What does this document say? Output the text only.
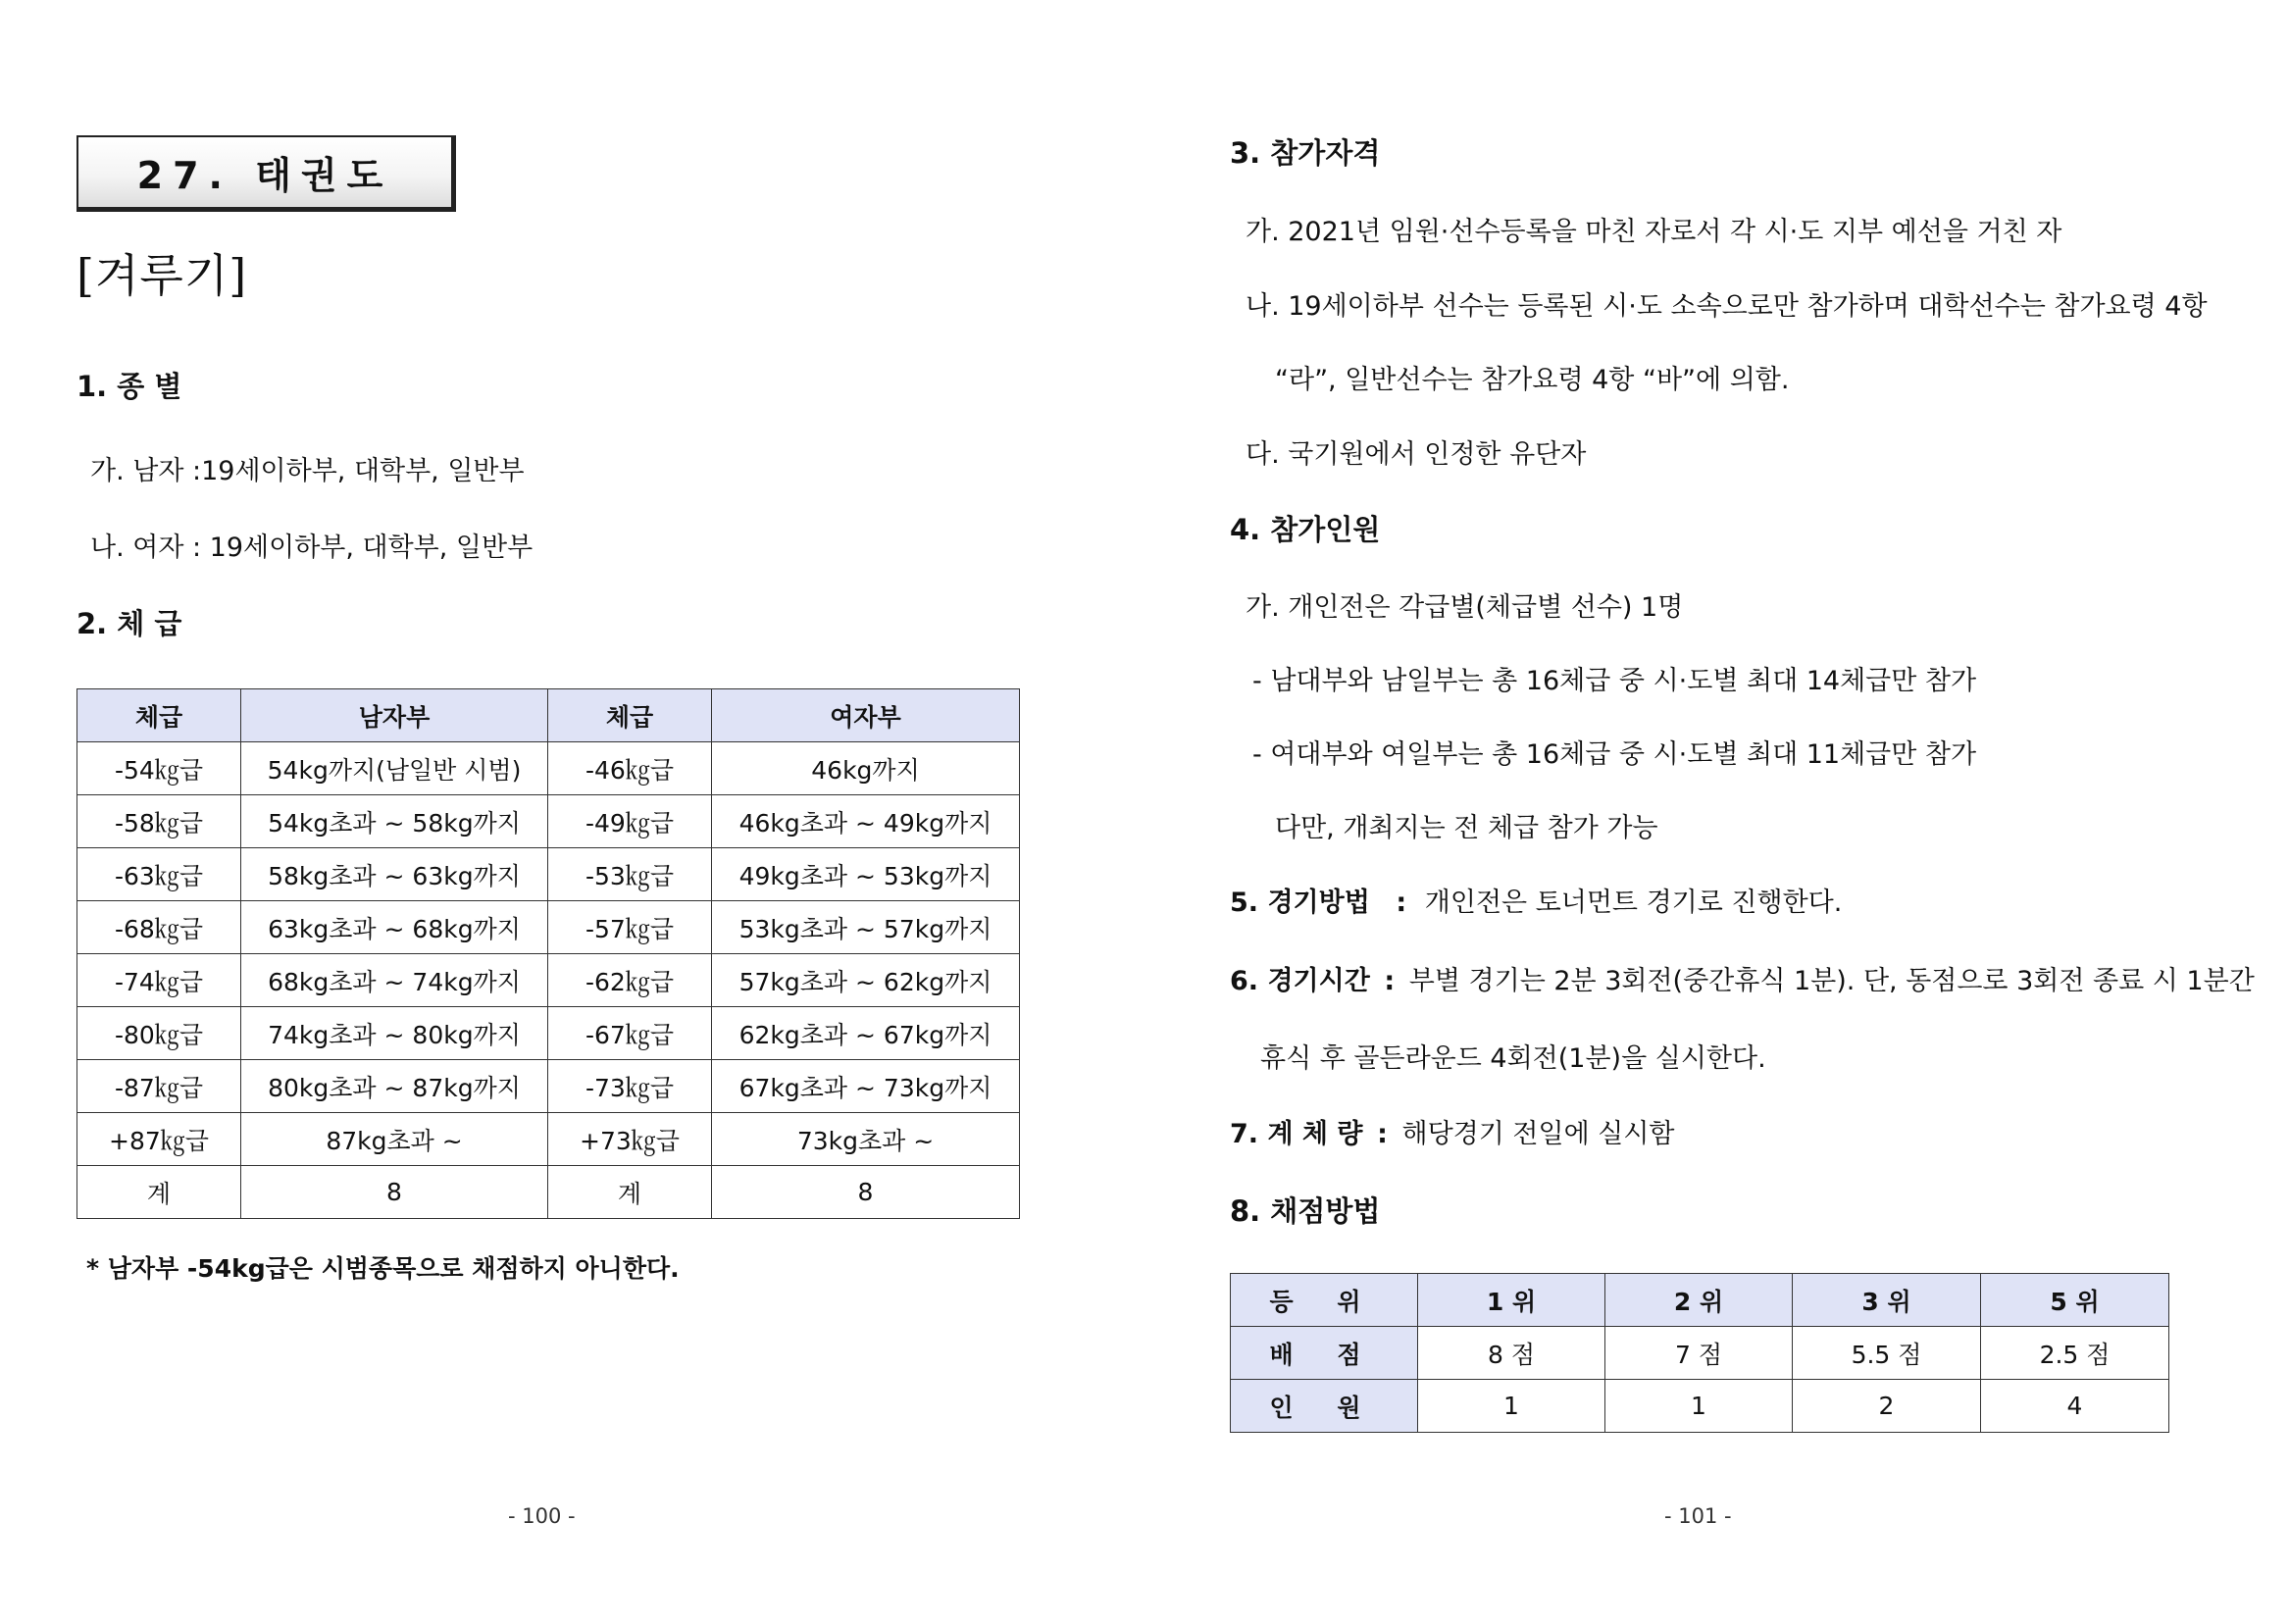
27. 태권도
[겨루기]
1. 종 별
가. 남자 :19세이하부, 대학부, 일반부
나. 여자 : 19세이하부, 대학부, 일반부
2. 체 급
체급	남자부	체급	여자부
-54㎏급	54kg까지(남일반 시범)	-46㎏급	46kg까지
-58㎏급	54kg초과 ~ 58kg까지	-49㎏급	46kg초과 ~ 49kg까지
-63㎏급	58kg초과 ~ 63kg까지	-53㎏급	49kg초과 ~ 53kg까지
-68㎏급	63kg초과 ~ 68kg까지	-57㎏급	53kg초과 ~ 57kg까지
-74㎏급	68kg초과 ~ 74kg까지	-62㎏급	57kg초과 ~ 62kg까지
-80㎏급	74kg초과 ~ 80kg까지	-67㎏급	62kg초과 ~ 67kg까지
-87㎏급	80kg초과 ~ 87kg까지	-73㎏급	67kg초과 ~ 73kg까지
+87㎏급	87kg초과 ~	+73㎏급	73kg초과 ~
계	8	계	8
* 남자부 -54kg급은 시범종목으로 채점하지 아니한다.
- 100 -
3. 참가자격
가. 2021년 임원·선수등록을 마친 자로서 각 시·도 지부 예선을 거친 자
나. 19세이하부 선수는 등록된 시·도 소속으로만 참가하며 대학선수는 참가요령 4항
“라”, 일반선수는 참가요령 4항 “바”에 의함.
다. 국기원에서 인정한 유단자
4. 참가인원
가. 개인전은 각급별(체급별 선수) 1명
- 남대부와 남일부는 총 16체급 중 시·도별 최대 14체급만 참가
- 여대부와 여일부는 총 16체급 중 시·도별 최대 11체급만 참가
다만, 개최지는 전 체급 참가 가능
5. 경기방법 : 개인전은 토너먼트 경기로 진행한다.
6. 경기시간 : 부별 경기는 2분 3회전(중간휴식 1분). 단, 동점으로 3회전 종료 시 1분간
휴식 후 골든라운드 4회전(1분)을 실시한다.
7. 계 체 량 : 해당경기 전일에 실시함
8. 채점방법
- 101 -
등 위	1 위	2 위	3 위	5 위
배 점	8 점	7 점	5.5 점	2.5 점
인 원	1	1	2	4
